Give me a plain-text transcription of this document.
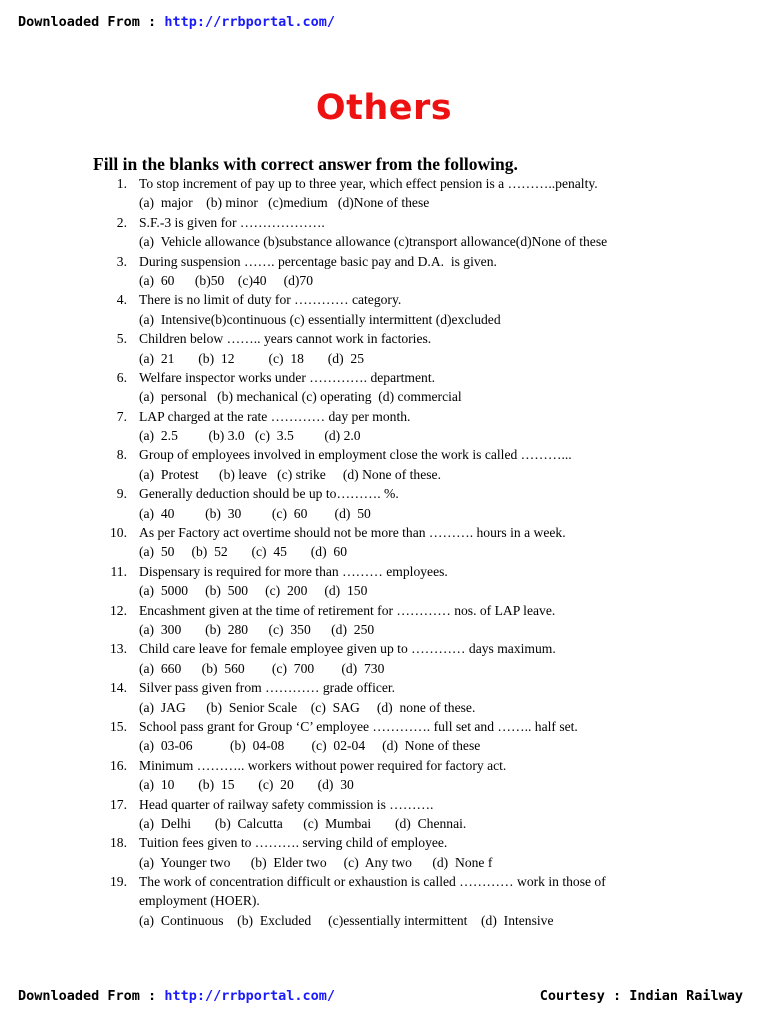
Downloaded From : http://rrbportal.com/
Others
Fill in the blanks with correct answer from the following.
1. To stop increment of pay up to three year, which effect pension is a ………..penalty.
(a)  major    (b) minor   (c)medium   (d)None of these
2. S.F.-3 is given for ……………….
(a)  Vehicle allowance (b)substance allowance (c)transport allowance(d)None of these
3. During suspension ……. percentage basic pay and D.A.  is given.
(a)  60      (b)50    (c)40     (d)70
4. There is no limit of duty for ………… category.
(a)  Intensive(b)continuous (c) essentially intermittent (d)excluded
5. Children below …….. years cannot work in factories.
(a)  21       (b)  12          (c)  18       (d)  25
6. Welfare inspector works under …………. department.
(a)  personal   (b) mechanical (c) operating  (d) commercial
7. LAP charged at the rate ………… day per month.
(a)  2.5         (b) 3.0   (c)  3.5         (d) 2.0
8. Group of employees involved in employment close the work is called ………...
(a)  Protest      (b) leave   (c) strike     (d) None of these.
9. Generally deduction should be up to………. %.
(a)  40         (b)  30         (c)  60        (d)  50
10. As per Factory act overtime should not be more than ………. hours in a week.
(a)  50     (b)  52       (c)  45       (d)  60
11. Dispensary is required for more than ……… employees.
(a)  5000     (b)  500     (c)  200     (d)  150
12. Encashment given at the time of retirement for ………… nos. of LAP leave.
(a)  300       (b)  280      (c)  350      (d)  250
13. Child care leave for female employee given up to ………… days maximum.
(a)  660      (b)  560        (c)  700        (d)  730
14. Silver pass given from ………… grade officer.
(a)  JAG      (b)  Senior Scale    (c)  SAG     (d)  none of these.
15. School pass grant for Group ‘C’ employee …………. full set and …….. half set.
(a)  03-06           (b)  04-08        (c)  02-04     (d)  None of these
16. Minimum ……….. workers without power required for factory act.
(a)  10       (b)  15       (c)  20       (d)  30
17. Head quarter of railway safety commission is ……….
(a)  Delhi       (b)  Calcutta      (c)  Mumbai       (d)  Chennai.
18. Tuition fees given to ………. serving child of employee.
(a)  Younger two      (b)  Elder two     (c)  Any two      (d)  None f
19. The work of concentration difficult or exhaustion is called ………… work in those of
employment (HOER).
(a)  Continuous    (b)  Excluded     (c)essentially intermittent    (d)  Intensive
Downloaded From : http://rrbportal.com/	Courtesy : Indian Railway
